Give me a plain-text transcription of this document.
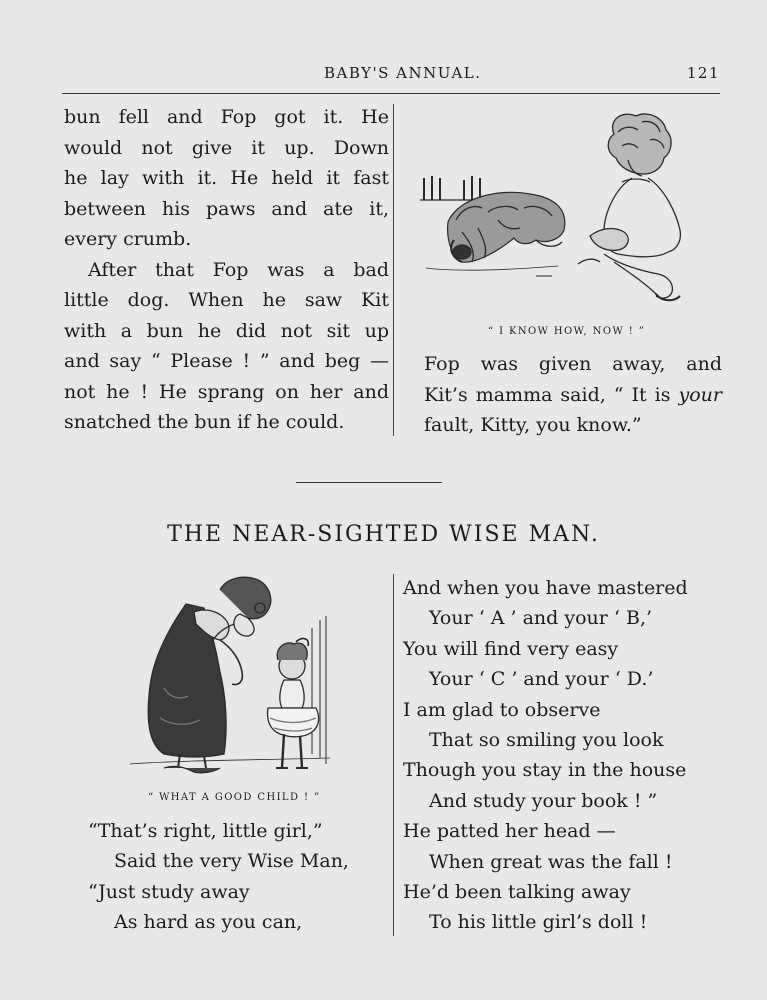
BABY'S ANNUAL.	121
bun fell and Fop got it. He
would not give it up. Down
he lay with it. He held it fast
between his paws and ate it,
every crumb.
After that Fop was a bad
little dog. When he saw Kit
with a bun he did not sit up
and say “ Please ! ” and beg —
not he ! He sprang on her and
snatched the bun if he could.
“ I KNOW HOW, NOW ! ”
Fop was given away, and
Kit’s mamma said, “ It is your
fault, Kitty, you know.”
THE NEAR-SIGHTED WISE MAN.
“ WHAT A GOOD CHILD ! ”
“That’s right, little girl,”
Said the very Wise Man,
“Just study away
As hard as you can,
And when you have mastered
Your ‘ A ’ and your ‘ B,’
You will find very easy
Your ‘ C ’ and your ‘ D.’
I am glad to observe
That so smiling you look
Though you stay in the house
And study your book ! ”
He patted her head —
When great was the fall !
He’d been talking away
To his little girl’s doll !
